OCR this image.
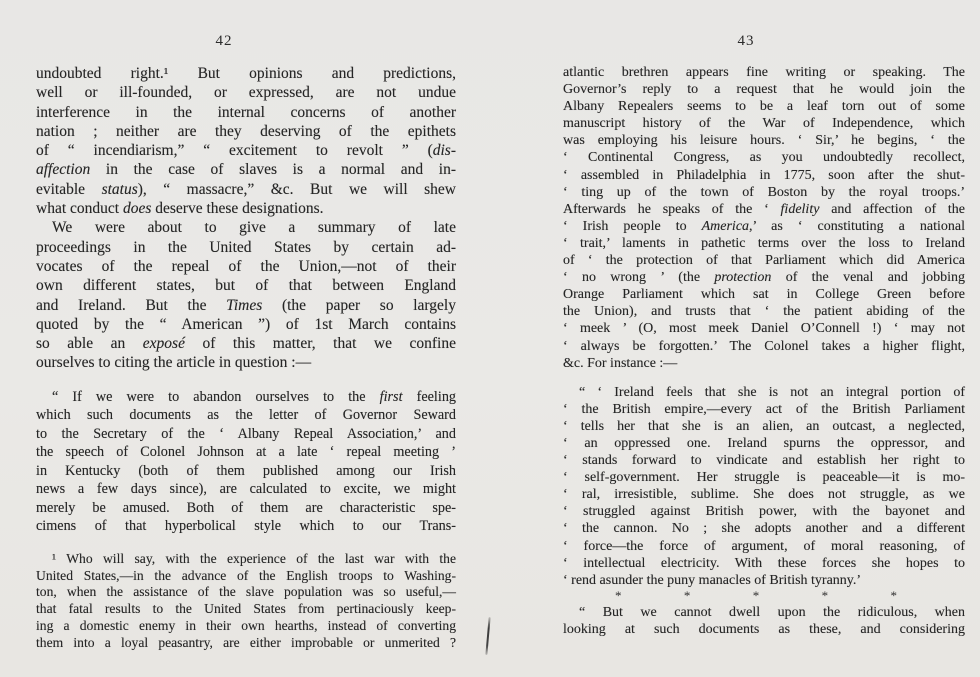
42
undoubted right.¹ But opinions and predictions,
well or ill-founded, or expressed, are not undue
interference in the internal concerns of another
nation ; neither are they deserving of the epithets
of “ incendiarism,” “ excitement to revolt ” (dis-
affection in the case of slaves is a normal and in-
evitable status), “ massacre,” &c. But we will shew
what conduct does deserve these designations.
We were about to give a summary of late
proceedings in the United States by certain ad-
vocates of the repeal of the Union,—not of their
own different states, but of that between England
and Ireland. But the Times (the paper so largely
quoted by the “ American ”) of 1st March contains
so able an exposé of this matter, that we confine
ourselves to citing the article in question :—
“ If we were to abandon ourselves to the first feeling
which such documents as the letter of Governor Seward
to the Secretary of the ‘ Albany Repeal Association,’ and
the speech of Colonel Johnson at a late ‘ repeal meeting ’
in Kentucky (both of them published among our Irish
news a few days since), are calculated to excite, we might
merely be amused. Both of them are characteristic spe-
cimens of that hyperbolical style which to our Trans-
¹ Who will say, with the experience of the last war with the
United States,—in the advance of the English troops to Washing-
ton, when the assistance of the slave population was so useful,—
that fatal results to the United States from pertinaciously keep-
ing a domestic enemy in their own hearths, instead of converting
them into a loyal peasantry, are either improbable or unmerited ?
43
atlantic brethren appears fine writing or speaking. The
Governor’s reply to a request that he would join the
Albany Repealers seems to be a leaf torn out of some
manuscript history of the War of Independence, which
was employing his leisure hours. ‘ Sir,’ he begins, ‘ the
‘ Continental Congress, as you undoubtedly recollect,
‘ assembled in Philadelphia in 1775, soon after the shut-
‘ ting up of the town of Boston by the royal troops.’
Afterwards he speaks of the ‘ fidelity and affection of the
‘ Irish people to America,’ as ‘ constituting a national
‘ trait,’ laments in pathetic terms over the loss to Ireland
of ‘ the protection of that Parliament which did America
‘ no wrong ’ (the protection of the venal and jobbing
Orange Parliament which sat in College Green before
the Union), and trusts that ‘ the patient abiding of the
‘ meek ’ (O, most meek Daniel O’Connell !) ‘ may not
‘ always be forgotten.’ The Colonel takes a higher flight,
&c. For instance :—
“ ‘ Ireland feels that she is not an integral portion of
‘ the British empire,—every act of the British Parliament
‘ tells her that she is an alien, an outcast, a neglected,
‘ an oppressed one. Ireland spurns the oppressor, and
‘ stands forward to vindicate and establish her right to
‘ self-government. Her struggle is peaceable—it is mo-
‘ ral, irresistible, sublime. She does not struggle, as we
‘ struggled against British power, with the bayonet and
‘ the cannon. No ; she adopts another and a different
‘ force—the force of argument, of moral reasoning, of
‘ intellectual electricity. With these forces she hopes to
‘ rend asunder the puny manacles of British tyranny.’
*	*	*	*	*
“ But we cannot dwell upon the ridiculous, when
looking at such documents as these, and considering
